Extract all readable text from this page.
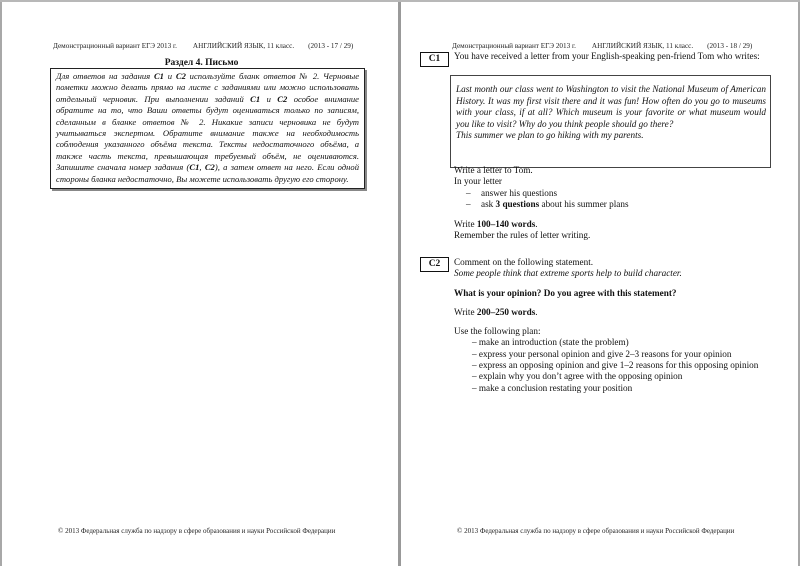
Демонстрационный вариант ЕГЭ 2013 г. АНГЛИЙСКИЙ ЯЗЫК, 11 класс. (2013 - 17 / 29)
Раздел 4. Письмо
Для ответов на задания С1 и С2 используйте бланк ответов № 2. Черновые пометки можно делать прямо на листе с заданиями или можно использовать отдельный черновик. При выполнении заданий С1 и С2 особое внимание обратите на то, что Ваши ответы будут оцениваться только по записям, сделанным в бланке ответов № 2. Никакие записи черновика не будут учитываться экспертом. Обратите внимание также на необходимость соблюдения указанного объёма текста. Тексты недостаточного объёма, а также часть текста, превышающая требуемый объём, не оцениваются. Запишите сначала номер задания (С1, С2), а затем ответ на него. Если одной стороны бланка недостаточно, Вы можете использовать другую его сторону.
© 2013 Федеральная служба по надзору в сфере образования и науки Российской Федерации
Демонстрационный вариант ЕГЭ 2013 г. АНГЛИЙСКИЙ ЯЗЫК, 11 класс. (2013 - 18 / 29)
C1	You have received a letter from your English-speaking pen-friend Tom who writes:
Last month our class went to Washington to visit the National Museum of American History. It was my first visit there and it was fun! How often do you go to museums with your class, if at all? Which museum is your favorite or what museum would you like to visit? Why do you think people should go there?
This summer we plan to go hiking with my parents.
Write a letter to Tom.
In your letter
– answer his questions
– ask 3 questions about his summer plans
Write 100–140 words.
Remember the rules of letter writing.
C2	Comment on the following statement.
Some people think that extreme sports help to build character.
What is your opinion? Do you agree with this statement?
Write 200–250 words.
Use the following plan:
– make an introduction (state the problem)
– express your personal opinion and give 2–3 reasons for your opinion
– express an opposing opinion and give 1–2 reasons for this opposing opinion
– explain why you don’t agree with the opposing opinion
– make a conclusion restating your position
© 2013 Федеральная служба по надзору в сфере образования и науки Российской Федерации
